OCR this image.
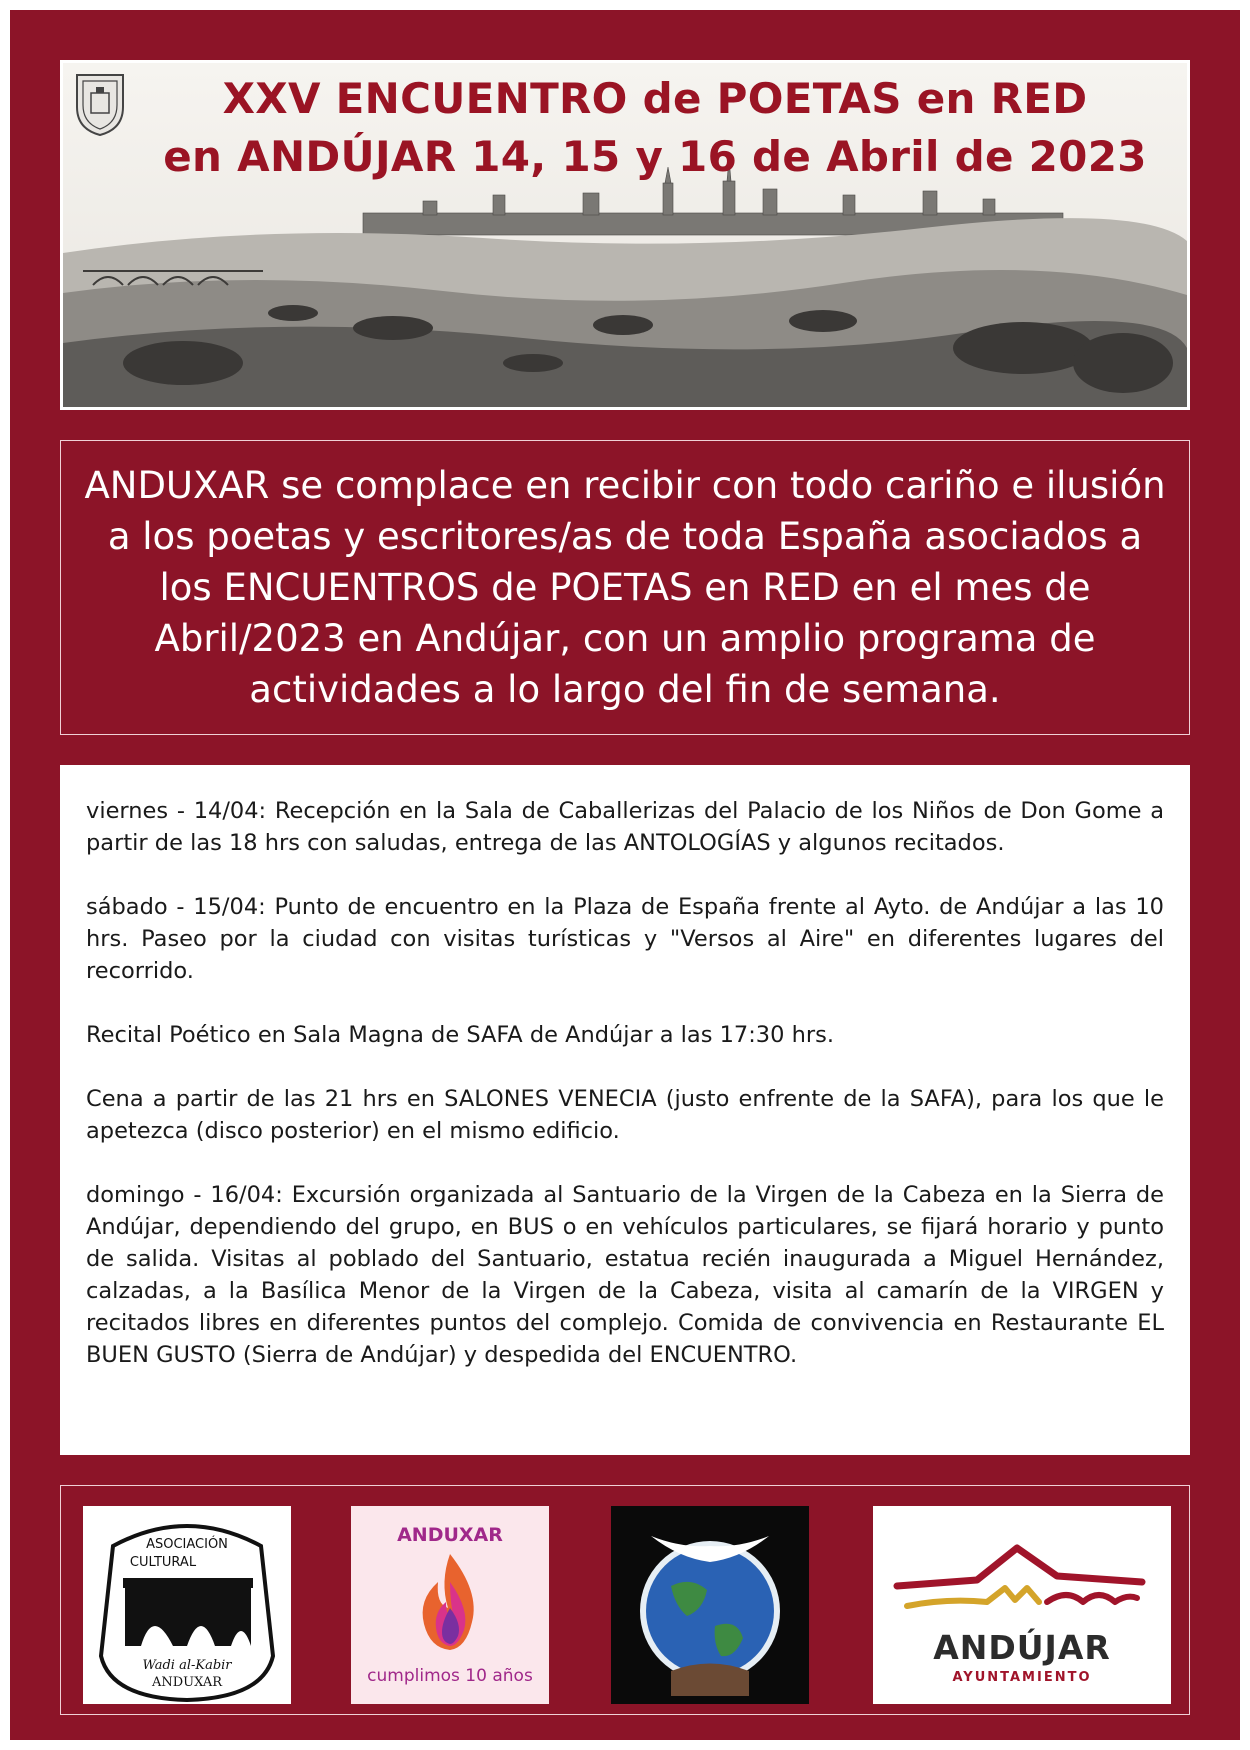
XXV ENCUENTRO de POETAS en RED
en ANDÚJAR 14, 15 y 16 de Abril de 2023
ANDUXAR se complace en recibir con todo cariño e ilusión a los poetas y escritores/as de toda España asociados a los ENCUENTROS de POETAS en RED en el mes de Abril/2023 en Andújar, con un amplio programa de actividades a lo largo del fin de semana.

viernes - 14/04: Recepción en la Sala de Caballerizas del Palacio de los Niños de Don Gome a partir de las 18 hrs con saludas, entrega de las ANTOLOGÍAS y algunos recitados.

sábado - 15/04: Punto de encuentro en la Plaza de España frente al Ayto. de Andújar a las 10 hrs. Paseo por la ciudad con visitas turísticas y "Versos al Aire" en diferentes lugares del recorrido.

Recital Poético en Sala Magna de SAFA de Andújar a las 17:30 hrs.

Cena a partir de las 21 hrs en SALONES VENECIA (justo enfrente de la SAFA), para los que le apetezca (disco posterior) en el mismo edificio.

domingo - 16/04: Excursión organizada al Santuario de la Virgen de la Cabeza en la Sierra de Andújar, dependiendo del grupo, en BUS o en vehículos particulares, se fijará horario y punto de salida. Visitas al poblado del Santuario, estatua recién inaugurada a Miguel Hernández, calzadas, a la Basílica Menor de la Virgen de la Cabeza, visita al camarín de la VIRGEN y recitados libres en diferentes puntos del complejo. Comida de convivencia en Restaurante EL BUEN GUSTO (Sierra de Andújar) y despedida del ENCUENTRO.

ASOCIACIÓN
CULTURAL
Wadi al-Kabir
ANDUXAR
ANDUXAR
cumplimos 10 años
ANDÚJAR
AYUNTAMIENTO
